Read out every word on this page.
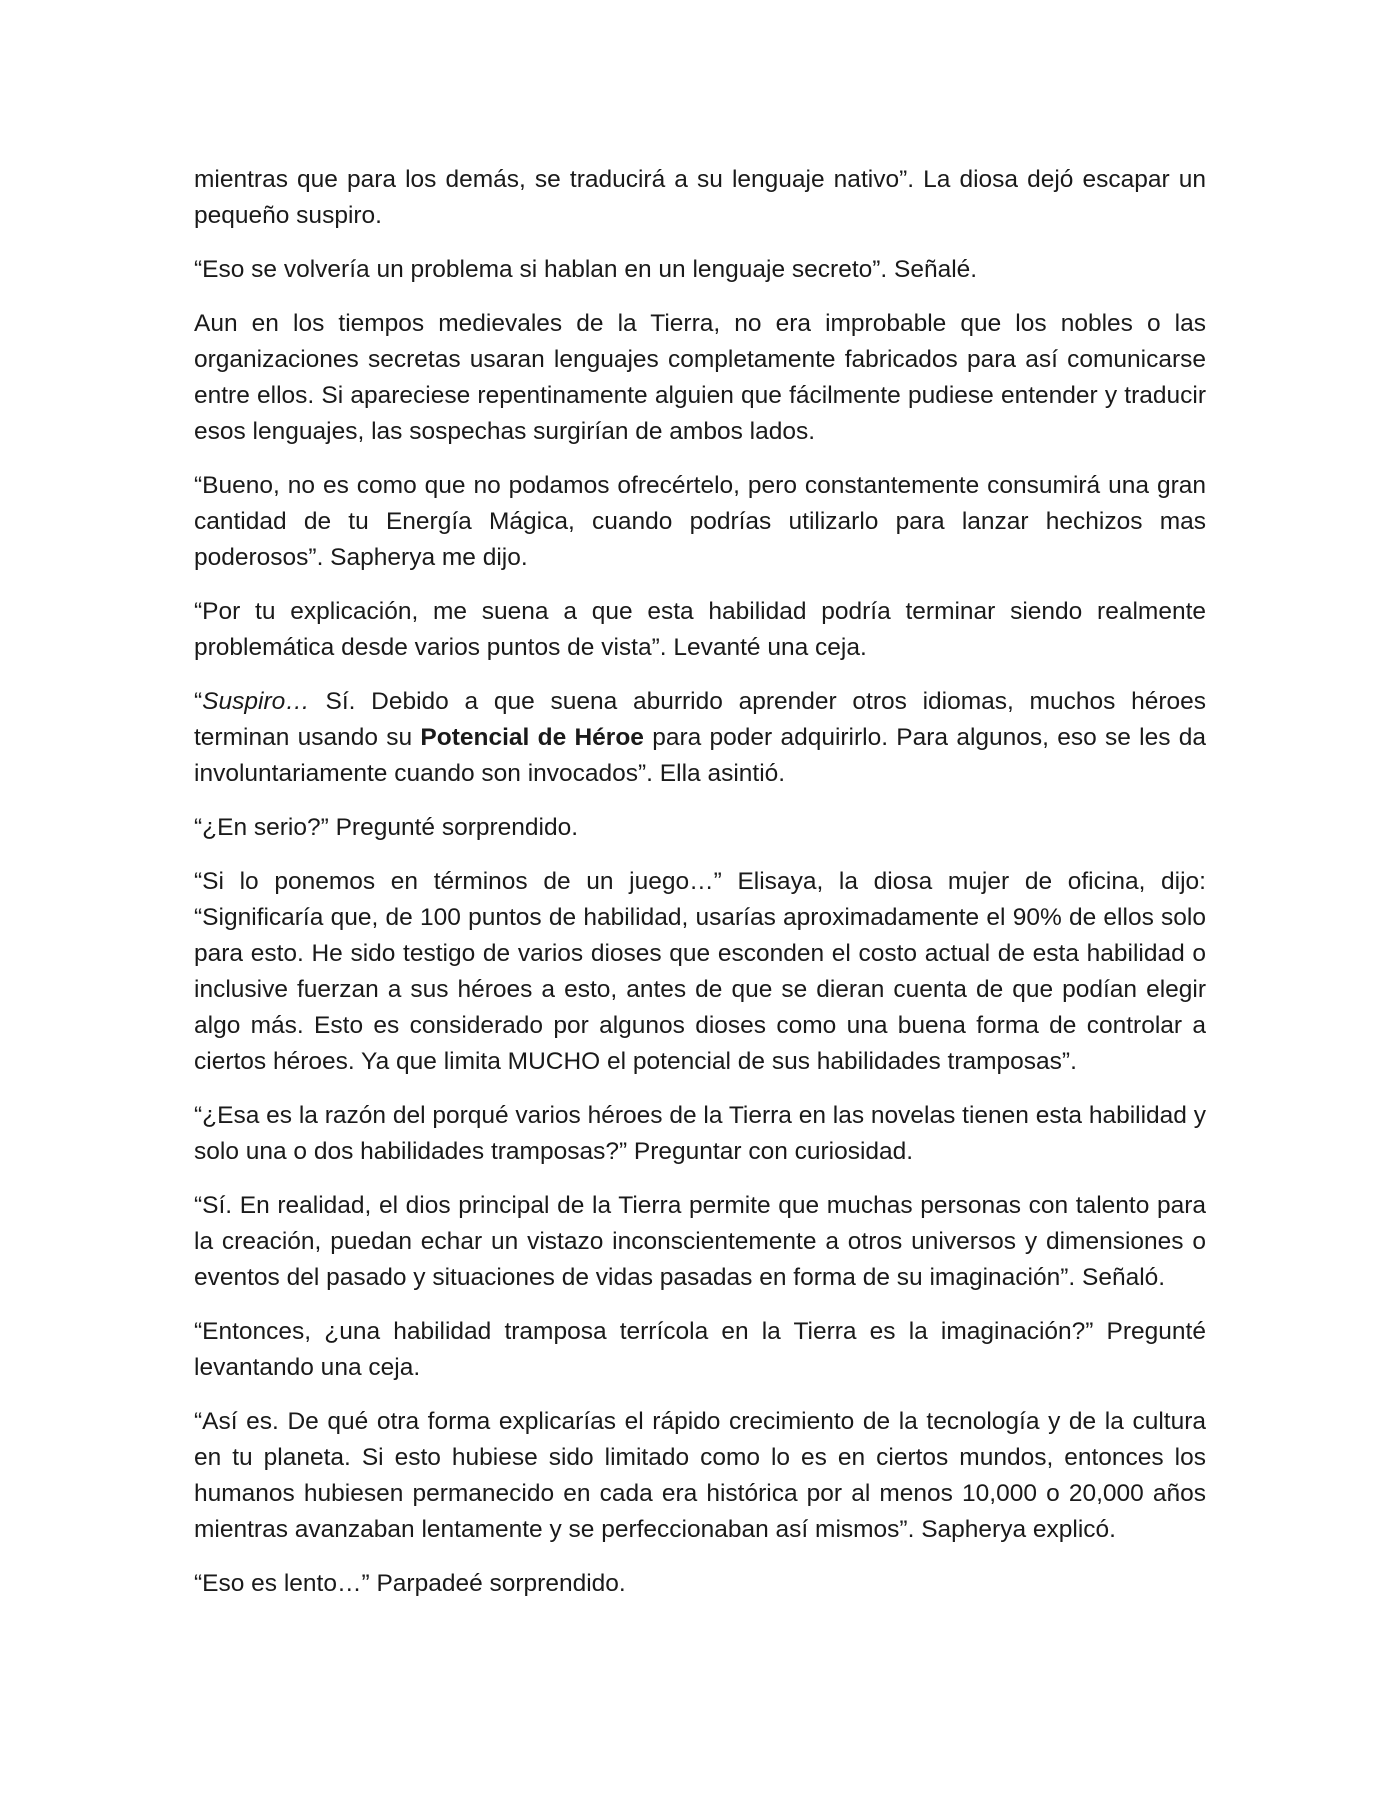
mientras que para los demás, se traducirá a su lenguaje nativo”. La diosa dejó escapar un pequeño suspiro.

“Eso se volvería un problema si hablan en un lenguaje secreto”. Señalé.

Aun en los tiempos medievales de la Tierra, no era improbable que los nobles o las organizaciones secretas usaran lenguajes completamente fabricados para así comunicarse entre ellos. Si apareciese repentinamente alguien que fácilmente pudiese entender y traducir esos lenguajes, las sospechas surgirían de ambos lados.

“Bueno, no es como que no podamos ofrecértelo, pero constantemente consumirá una gran cantidad de tu Energía Mágica, cuando podrías utilizarlo para lanzar hechizos mas poderosos”. Sapherya me dijo.

“Por tu explicación, me suena a que esta habilidad podría terminar siendo realmente problemática desde varios puntos de vista”. Levanté una ceja.

“Suspiro… Sí. Debido a que suena aburrido aprender otros idiomas, muchos héroes terminan usando su Potencial de Héroe para poder adquirirlo. Para algunos, eso se les da involuntariamente cuando son invocados”. Ella asintió.

“¿En serio?” Pregunté sorprendido.

“Si lo ponemos en términos de un juego…” Elisaya, la diosa mujer de oficina, dijo: “Significaría que, de 100 puntos de habilidad, usarías aproximadamente el 90% de ellos solo para esto. He sido testigo de varios dioses que esconden el costo actual de esta habilidad o inclusive fuerzan a sus héroes a esto, antes de que se dieran cuenta de que podían elegir algo más. Esto es considerado por algunos dioses como una buena forma de controlar a ciertos héroes. Ya que limita MUCHO el potencial de sus habilidades tramposas”.

“¿Esa es la razón del porqué varios héroes de la Tierra en las novelas tienen esta habilidad y solo una o dos habilidades tramposas?” Preguntar con curiosidad.

“Sí. En realidad, el dios principal de la Tierra permite que muchas personas con talento para la creación, puedan echar un vistazo inconscientemente a otros universos y dimensiones o eventos del pasado y situaciones de vidas pasadas en forma de su imaginación”. Señaló.

“Entonces, ¿una habilidad tramposa terrícola en la Tierra es la imaginación?” Pregunté levantando una ceja.

“Así es. De qué otra forma explicarías el rápido crecimiento de la tecnología y de la cultura en tu planeta. Si esto hubiese sido limitado como lo es en ciertos mundos, entonces los humanos hubiesen permanecido en cada era histórica por al menos 10,000 o 20,000 años mientras avanzaban lentamente y se perfeccionaban así mismos”. Sapherya explicó.

“Eso es lento…” Parpadeé sorprendido.
